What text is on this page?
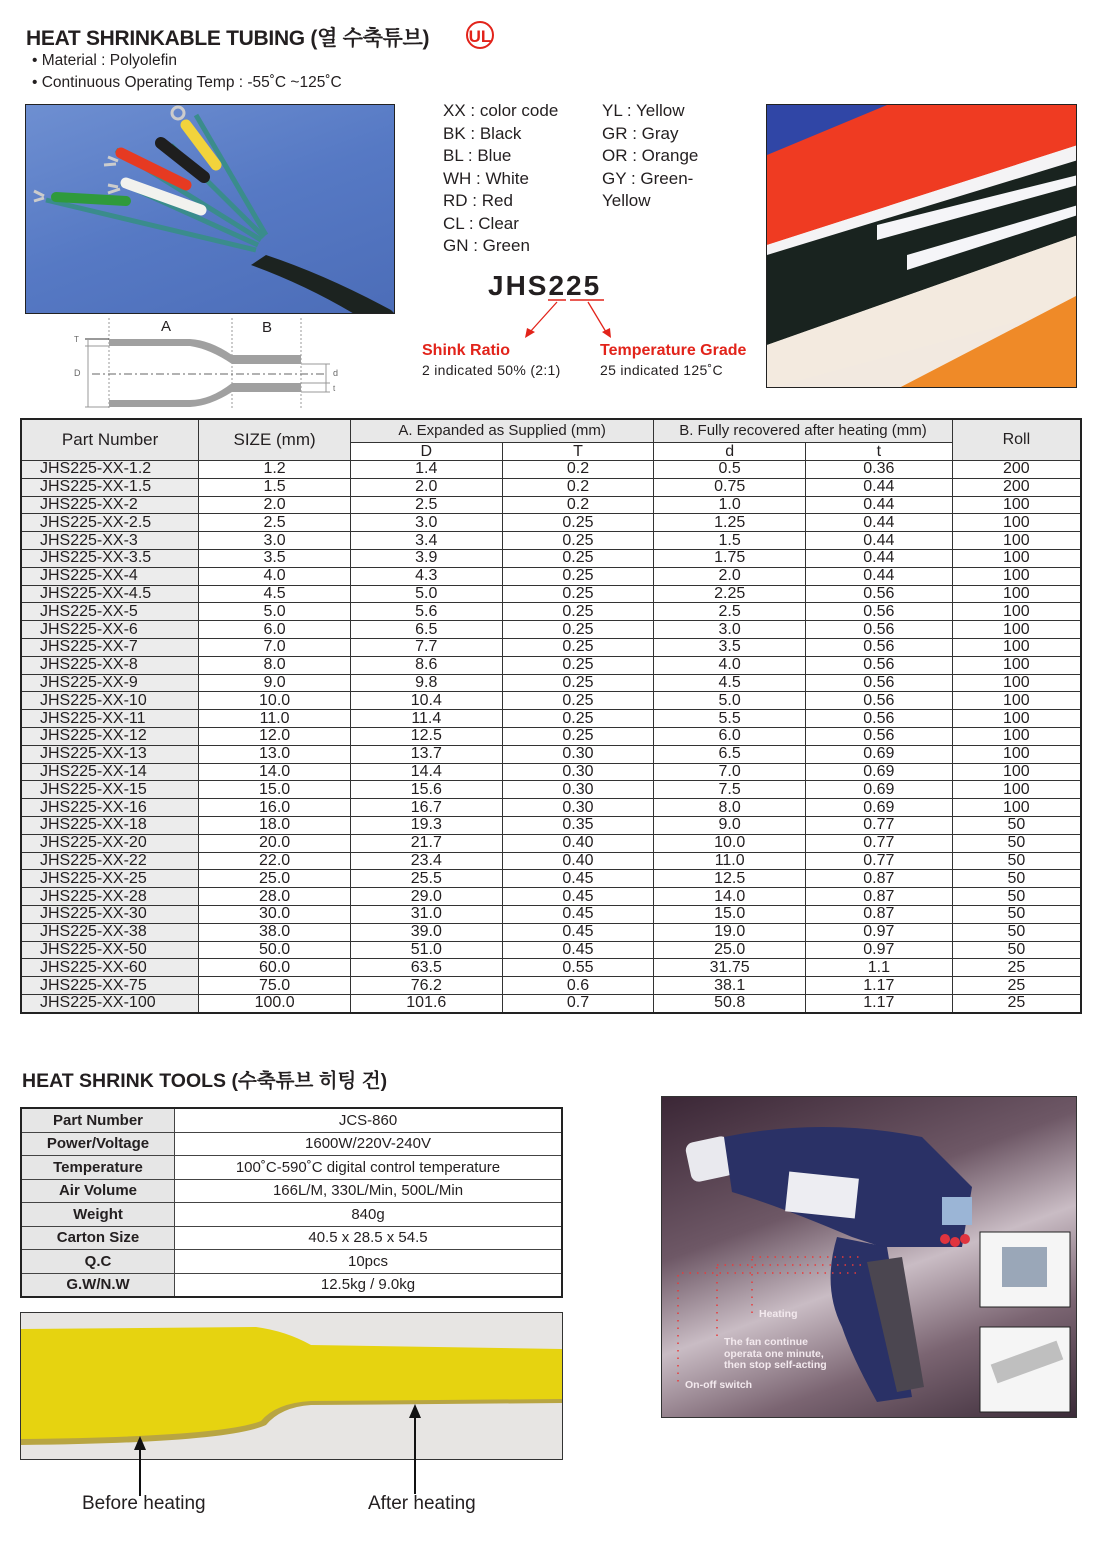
HEAT SHRINKABLE TUBING (열 수축튜브) UL
• Material : Polyolefin
• Continuous Operating Temp : -55˚C ~125˚C
A	B
T
D	d
t
XX : color code
BK : Black
BL : Blue
WH : White
RD : Red
CL : Clear
GN : Green
YL : Yellow
GR : Gray
OR : Orange
GY : Green-
Yellow
JHS225
Shink Ratio
2 indicated 50% (2:1)
Temperature Grade
25 indicated 125˚C
Part Number	SIZE (mm)	A. Expanded as Supplied (mm)		B. Fully recovered after heating (mm)		Roll
		D	T	d	t	
JHS225-XX-1.2	1.2	1.4	0.2	0.5	0.36	200
JHS225-XX-1.5	1.5	2.0	0.2	0.75	0.44	200
JHS225-XX-2	2.0	2.5	0.2	1.0	0.44	100
JHS225-XX-2.5	2.5	3.0	0.25	1.25	0.44	100
JHS225-XX-3	3.0	3.4	0.25	1.5	0.44	100
JHS225-XX-3.5	3.5	3.9	0.25	1.75	0.44	100
JHS225-XX-4	4.0	4.3	0.25	2.0	0.44	100
JHS225-XX-4.5	4.5	5.0	0.25	2.25	0.56	100
JHS225-XX-5	5.0	5.6	0.25	2.5	0.56	100
JHS225-XX-6	6.0	6.5	0.25	3.0	0.56	100
JHS225-XX-7	7.0	7.7	0.25	3.5	0.56	100
JHS225-XX-8	8.0	8.6	0.25	4.0	0.56	100
JHS225-XX-9	9.0	9.8	0.25	4.5	0.56	100
JHS225-XX-10	10.0	10.4	0.25	5.0	0.56	100
JHS225-XX-11	11.0	11.4	0.25	5.5	0.56	100
JHS225-XX-12	12.0	12.5	0.25	6.0	0.56	100
JHS225-XX-13	13.0	13.7	0.30	6.5	0.69	100
JHS225-XX-14	14.0	14.4	0.30	7.0	0.69	100
JHS225-XX-15	15.0	15.6	0.30	7.5	0.69	100
JHS225-XX-16	16.0	16.7	0.30	8.0	0.69	100
JHS225-XX-18	18.0	19.3	0.35	9.0	0.77	50
JHS225-XX-20	20.0	21.7	0.40	10.0	0.77	50
JHS225-XX-22	22.0	23.4	0.40	11.0	0.77	50
JHS225-XX-25	25.0	25.5	0.45	12.5	0.87	50
JHS225-XX-28	28.0	29.0	0.45	14.0	0.87	50
JHS225-XX-30	30.0	31.0	0.45	15.0	0.87	50
JHS225-XX-38	38.0	39.0	0.45	19.0	0.97	50
JHS225-XX-50	50.0	51.0	0.45	25.0	0.97	50
JHS225-XX-60	60.0	63.5	0.55	31.75	1.1	25
JHS225-XX-75	75.0	76.2	0.6	38.1	1.17	25
JHS225-XX-100	100.0	101.6	0.7	50.8	1.17	25
HEAT SHRINK TOOLS (수축튜브 히팅 건)
Part Number	JCS-860
Power/Voltage	1600W/220V-240V
Temperature	100˚C-590˚C digital control temperature
Air Volume	166L/M, 330L/Min, 500L/Min
Weight	840g
Carton Size	40.5 x 28.5 x 54.5
Q.C	10pcs
G.W/N.W	12.5kg / 9.0kg
Heating
The fan continue
operata one minute,
then stop self-acting
On-off switch
Before heating	After heating
